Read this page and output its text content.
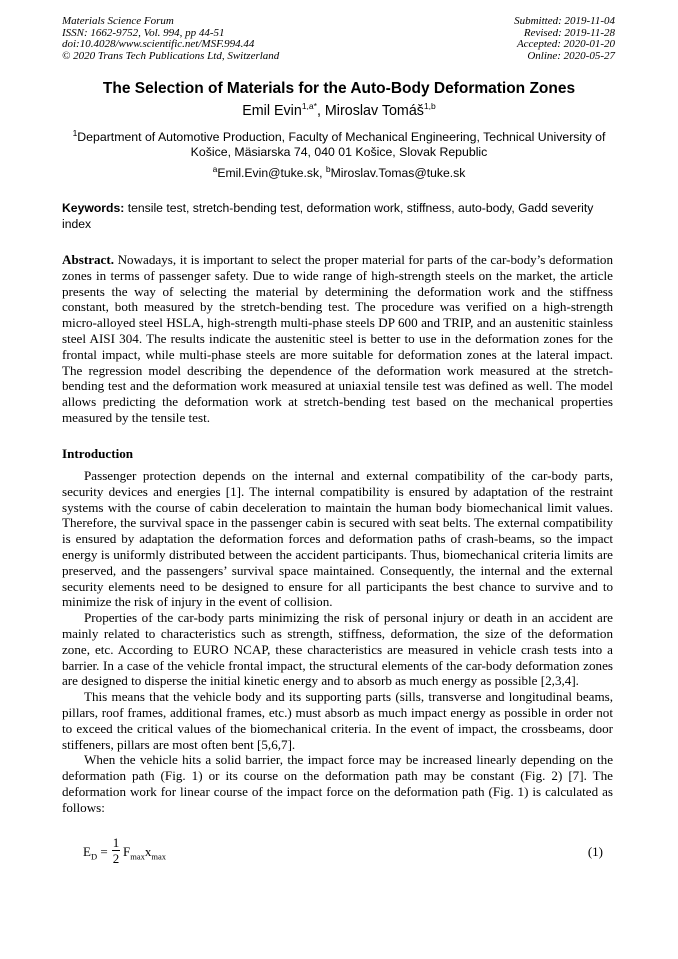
Materials Science Forum
ISSN: 1662-9752, Vol. 994, pp 44-51
doi:10.4028/www.scientific.net/MSF.994.44
© 2020 Trans Tech Publications Ltd, Switzerland
Submitted: 2019-11-04
Revised: 2019-11-28
Accepted: 2020-01-20
Online: 2020-05-27
The Selection of Materials for the Auto-Body Deformation Zones
Emil Evin$^{1,a*}$, Miroslav Tomáš$^{1,b}$
$^1$Department of Automotive Production, Faculty of Mechanical Engineering, Technical University of Košice, Mäsiarska 74, 040 01 Košice, Slovak Republic
$^a$Emil.Evin@tuke.sk, $^b$Miroslav.Tomas@tuke.sk
Keywords: tensile test, stretch-bending test, deformation work, stiffness, auto-body, Gadd severity index
Abstract. Nowadays, it is important to select the proper material for parts of the car-body’s deformation zones in terms of passenger safety. Due to wide range of high-strength steels on the market, the article presents the way of selecting the material by determining the deformation work and the stiffness constant, both measured by the stretch-bending test. The procedure was verified on a high-strength micro-alloyed steel HSLA, high-strength multi-phase steels DP 600 and TRIP, and an austenitic stainless steel AISI 304. The results indicate the austenitic steel is better to use in the deformation zones for the frontal impact, while multi-phase steels are more suitable for deformation zones at the lateral impact. The regression model describing the dependence of the deformation work measured at the stretch-bending test and the deformation work measured at uniaxial tensile test was defined as well. The model allows predicting the deformation work at stretch-bending test based on the mechanical properties measured by the tensile test.
Introduction

Passenger protection depends on the internal and external compatibility of the car-body parts, security devices and energies [1]. The internal compatibility is ensured by adaptation of the restraint systems with the course of cabin deceleration to maintain the human body biomechanical limit values. Therefore, the survival space in the passenger cabin is secured with seat belts. The external compatibility is ensured by adaptation the deformation forces and deformation paths of crash-beams, so the impact energy is uniformly distributed between the accident participants. Thus, biomechanical criteria limits are preserved, and the passengers’ survival space maintained. Consequently, the internal and the external security elements need to be designed to ensure for all participants the best chance to survive and to minimize the risk of injury in the event of collision.

Properties of the car-body parts minimizing the risk of personal injury or death in an accident are mainly related to characteristics such as strength, stiffness, deformation, the size of the deformation zone, etc. According to EURO NCAP, these characteristics are measured in vehicle crash tests into a barrier. In a case of the vehicle frontal impact, the structural elements of the car-body deformation zones are designed to disperse the initial kinetic energy and to absorb as much energy as possible [2,3,4].

This means that the vehicle body and its supporting parts (sills, transverse and longitudinal beams, pillars, roof frames, additional frames, etc.) must absorb as much impact energy as possible in order not to exceed the critical values of the biomechanical criteria. In the event of impact, the crossbeams, door stiffeners, pillars are most often bent [5,6,7].

When the vehicle hits a solid barrier, the impact force may be increased linearly depending on the deformation path (Fig. 1) or its course on the deformation path may be constant (Fig. 2) [7]. The deformation work for linear course of the impact force on the deformation path (Fig. 1) is calculated as follows:

$E_D$ =
1
2 $F_{max}x_{max}$	(1)
